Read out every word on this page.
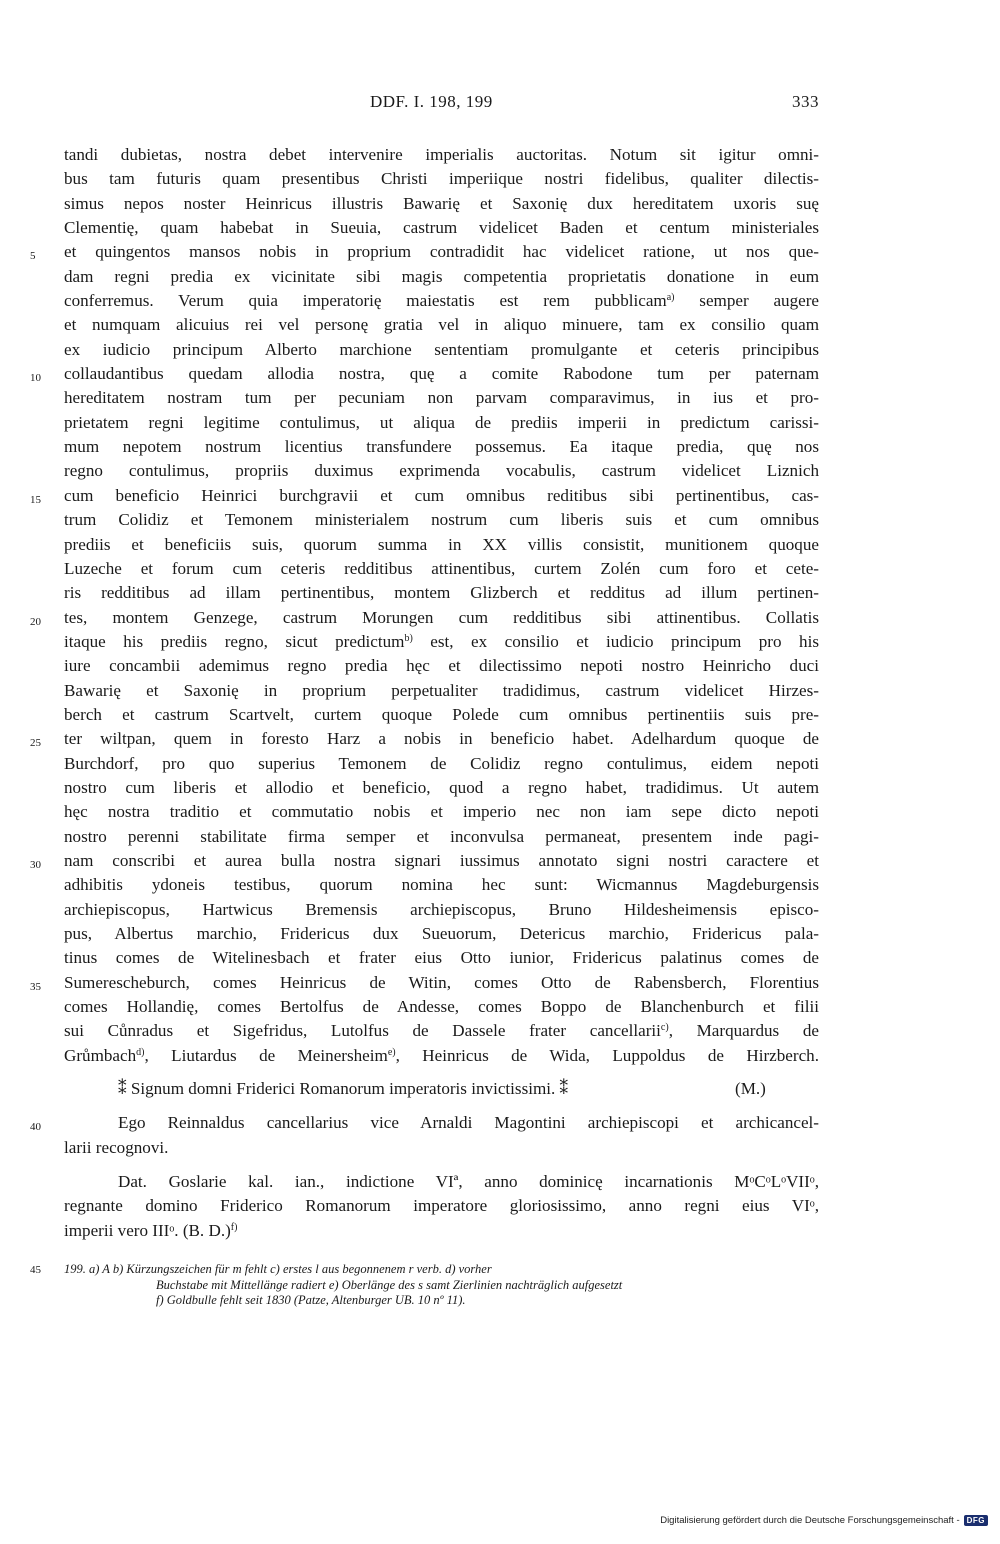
DDF. I. 198, 199	333
tandi dubietas, nostra debet intervenire imperialis auctoritas. Notum sit igitur omni-
bus tam futuris quam presentibus Christi imperiique nostri fidelibus, qualiter dilectis-
simus nepos noster Heinricus illustris Bawarię et Saxonię dux hereditatem uxoris suę
Clementię, quam habebat in Sueuia, castrum videlicet Baden et centum ministeriales
5	et quingentos mansos nobis in proprium contradidit hac videlicet ratione, ut nos que-
dam regni predia ex vicinitate sibi magis competentia proprietatis donatione in eum
conferremus. Verum quia imperatorię maiestatis est rem pubblicam$^{a)}$ semper augere
et numquam alicuius rei vel personę gratia vel in aliquo minuere, tam ex consilio quam
ex iudicio principum Alberto marchione sententiam promulgante et ceteris principibus
10	collaudantibus quedam allodia nostra, quę a comite Rabodone tum per paternam
hereditatem nostram tum per pecuniam non parvam comparavimus, in ius et pro-
prietatem regni legitime contulimus, ut aliqua de prediis imperii in predictum carissi-
mum nepotem nostrum licentius transfundere possemus. Ea itaque predia, quę nos
regno contulimus, propriis duximus exprimenda vocabulis, castrum videlicet Liznich
15	cum beneficio Heinrici burchgravii et cum omnibus reditibus sibi pertinentibus, cas-
trum Colidiz et Temonem ministerialem nostrum cum liberis suis et cum omnibus
prediis et beneficiis suis, quorum summa in XX villis consistit, munitionem quoque
Luzeche et forum cum ceteris redditibus attinentibus, curtem Zolén cum foro et cete-
ris redditibus ad illam pertinentibus, montem Glizberch et redditus ad illum pertinen-
20	tes, montem Genzege, castrum Morungen cum redditibus sibi attinentibus. Collatis
itaque his prediis regno, sicut predictum$^{b)}$ est, ex consilio et iudicio principum pro his
iure concambii ademimus regno predia hęc et dilectissimo nepoti nostro Heinricho duci
Bawarię et Saxonię in proprium perpetualiter tradidimus, castrum videlicet Hirzes-
berch et castrum Scartvelt, curtem quoque Polede cum omnibus pertinentiis suis pre-
25	ter wiltpan, quem in foresto Harz a nobis in beneficio habet. Adelhardum quoque de
Burchdorf, pro quo superius Temonem de Colidiz regno contulimus, eidem nepoti
nostro cum liberis et allodio et beneficio, quod a regno habet, tradidimus. Ut autem
hęc nostra traditio et commutatio nobis et imperio nec non iam sepe dicto nepoti
nostro perenni stabilitate firma semper et inconvulsa permaneat, presentem inde pagi-
30	nam conscribi et aurea bulla nostra signari iussimus annotato signi nostri caractere et
adhibitis ydoneis testibus, quorum nomina hec sunt: Wicmannus Magdeburgensis
archiepiscopus, Hartwicus Bremensis archiepiscopus, Bruno Hildesheimensis episco-
pus, Albertus marchio, Fridericus dux Sueuorum, Detericus marchio, Fridericus pala-
tinus comes de Witelinesbach et frater eius Otto iunior, Fridericus palatinus comes de
35	Sumerescheburch, comes Heinricus de Witin, comes Otto de Rabensberch, Florentius
comes Hollandię, comes Bertolfus de Andesse, comes Boppo de Blanchenburch et filii
sui Cůnradus et Sigefridus, Lutolfus de Dassele frater cancellarii$^{c)}$, Marquardus de
Grůmbach$^{d)}$, Liutardus de Meinersheim$^{e)}$, Heinricus de Wida, Luppoldus de Hirzberch.
⁑ Signum domni Friderici Romanorum imperatoris invictissimi. ⁑	(M.)
40	Ego Reinnaldus cancellarius vice Arnaldi Magontini archiepiscopi et archicancel-
larii recognovi.
Dat. Goslarie kal. ian., indictione VIª, anno dominicę incarnationis MᵒCᵒLᵒVIIᵒ,
regnante domino Friderico Romanorum imperatore gloriosissimo, anno regni eius VIᵒ,
imperii vero IIIᵒ. (B. D.)$^{f)}$
45 199. a) A b) Kürzungszeichen für m fehlt c) erstes l aus begonnenem r verb. d) vorher
Buchstabe mit Mittellänge radiert e) Oberlänge des s samt Zierlinien nachträglich aufgesetzt
f) Goldbulle fehlt seit 1830 (Patze, Altenburger UB. 10 nº 11).
Digitalisierung gefördert durch die Deutsche Forschungsgemeinschaft - DFG
